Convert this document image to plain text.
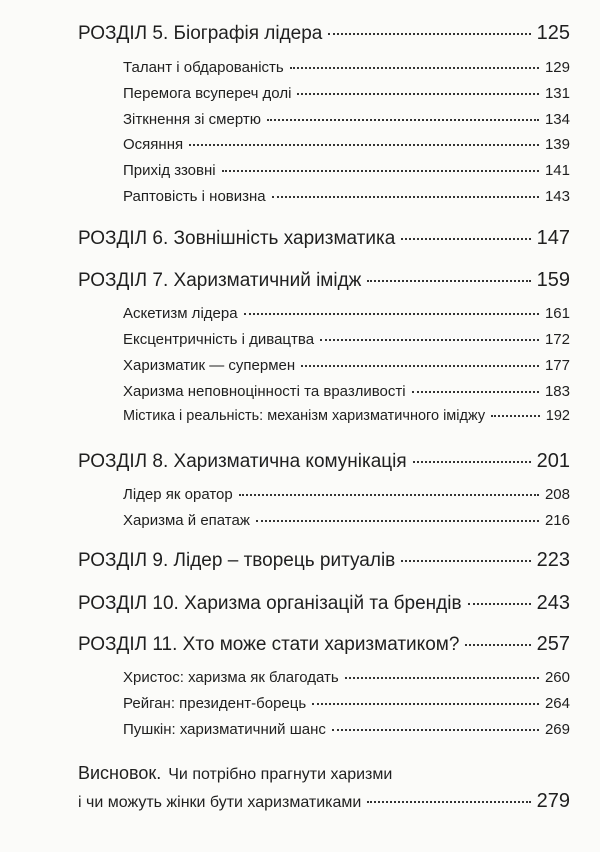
РОЗДІЛ 5. Біографія лідера	125
Талант і обдарованість	129
Перемога всупереч долі	131
Зіткнення зі смертю	134
Осяяння	139
Прихід ззовні	141
Раптовість і новизна	143
РОЗДІЛ 6. Зовнішність харизматика	147
РОЗДІЛ 7. Харизматичний імідж	159
Аскетизм лідера	161
Ексцентричність і дивацтва	172
Харизматик — супермен	177
Харизма неповноцінності та вразливості	183
Містика і реальність: механізм харизматичного іміджу	192
РОЗДІЛ 8. Харизматична комунікація	201
Лідер як оратор	208
Харизма й епатаж	216
РОЗДІЛ 9. Лідер – творець ритуалів	223
РОЗДІЛ 10. Харизма організацій та брендів	243
РОЗДІЛ 11. Хто може стати харизматиком?	257
Христос: харизма як благодать	260
Рейган: президент-борець	264
Пушкін: харизматичний шанс	269
Висновок. Чи потрібно прагнути харизми
і чи можуть жінки бути харизматиками	279
